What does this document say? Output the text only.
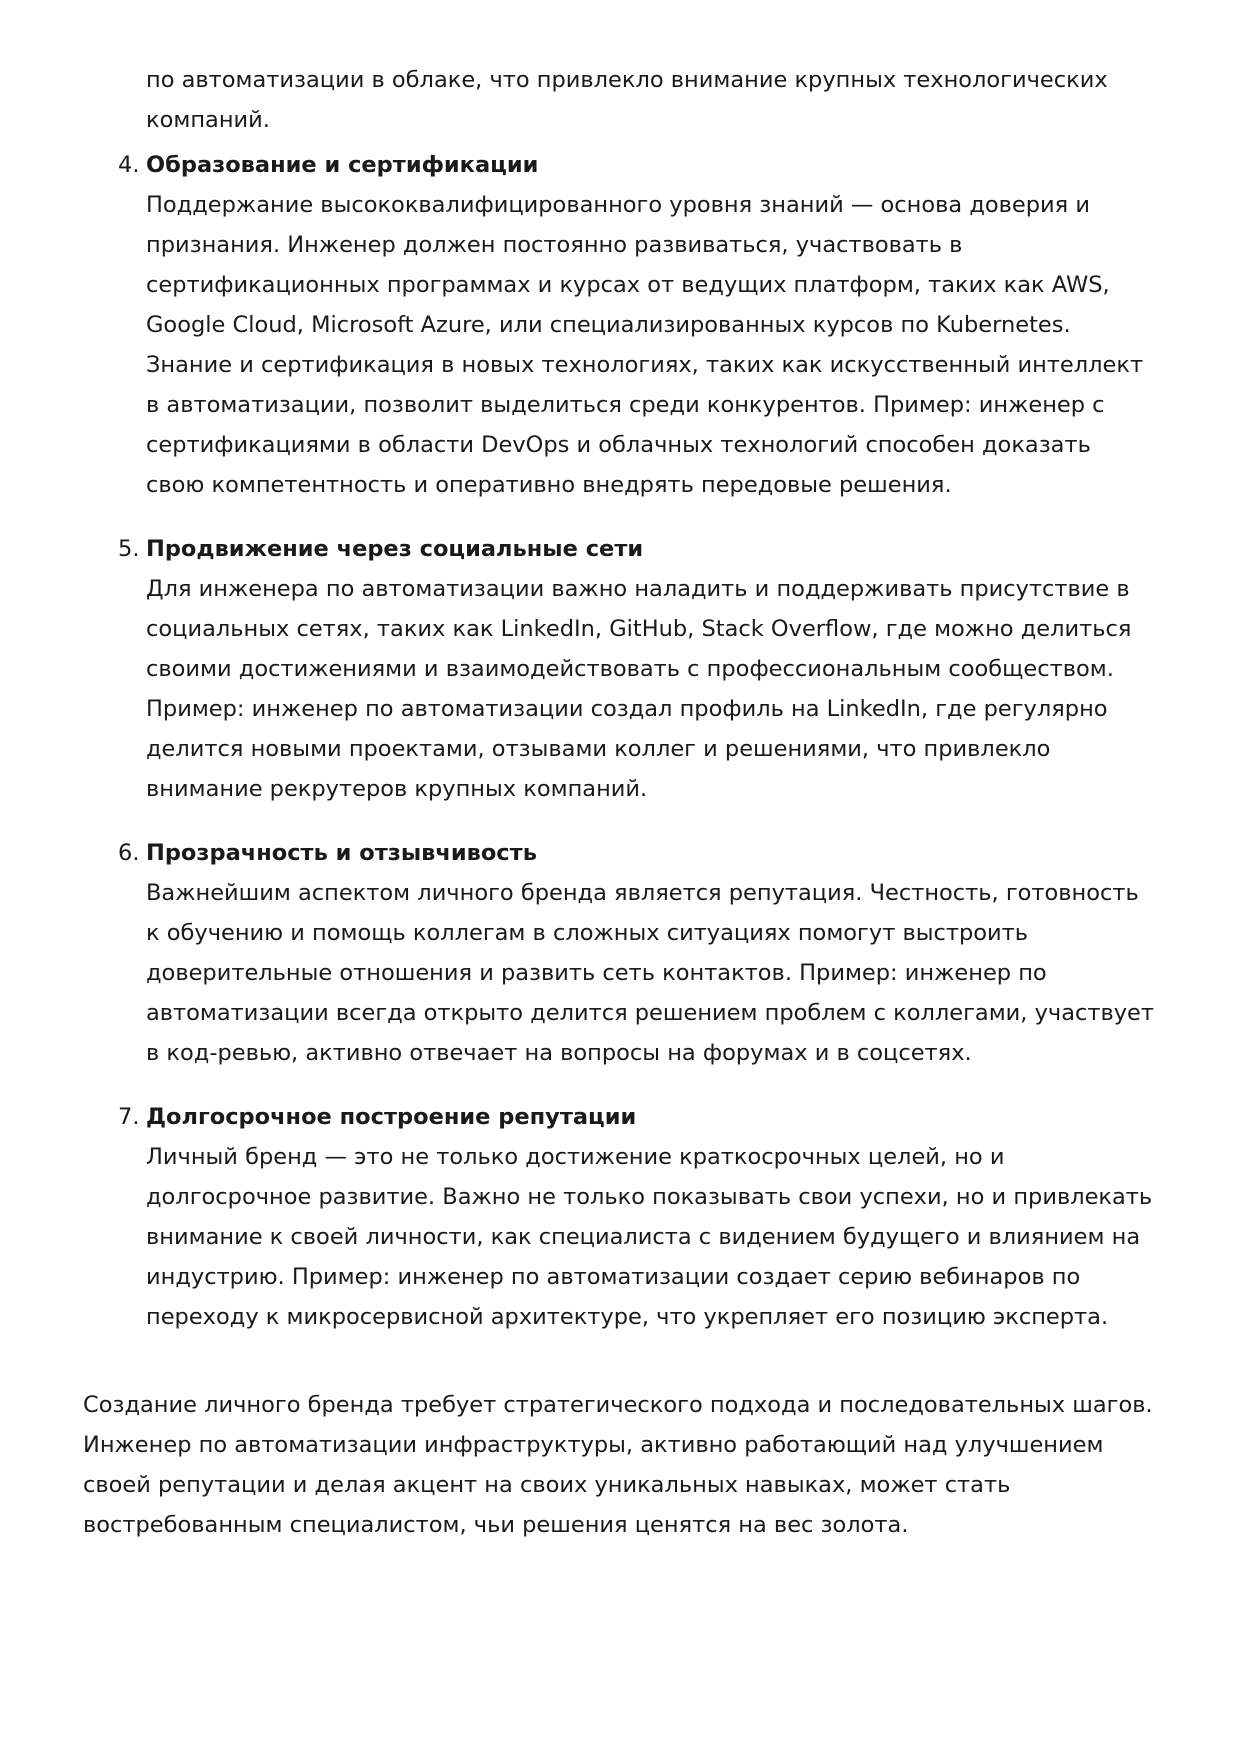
по автоматизации в облаке, что привлекло внимание крупных технологических компаний.

4. Образование и сертификации

Поддержание высококвалифицированного уровня знаний — основа доверия и признания. Инженер должен постоянно развиваться, участвовать в сертификационных программах и курсах от ведущих платформ, таких как AWS, Google Cloud, Microsoft Azure, или специализированных курсов по Kubernetes. Знание и сертификация в новых технологиях, таких как искусственный интеллект в автоматизации, позволит выделиться среди конкурентов. Пример: инженер с сертификациями в области DevOps и облачных технологий способен доказать свою компетентность и оперативно внедрять передовые решения.

5. Продвижение через социальные сети

Для инженера по автоматизации важно наладить и поддерживать присутствие в социальных сетях, таких как LinkedIn, GitHub, Stack Overflow, где можно делиться своими достижениями и взаимодействовать с профессиональным сообществом. Пример: инженер по автоматизации создал профиль на LinkedIn, где регулярно делится новыми проектами, отзывами коллег и решениями, что привлекло внимание рекрутеров крупных компаний.

6. Прозрачность и отзывчивость

Важнейшим аспектом личного бренда является репутация. Честность, готовность к обучению и помощь коллегам в сложных ситуациях помогут выстроить доверительные отношения и развить сеть контактов. Пример: инженер по автоматизации всегда открыто делится решением проблем с коллегами, участвует в код-ревью, активно отвечает на вопросы на форумах и в соцсетях.

7. Долгосрочное построение репутации

Личный бренд — это не только достижение краткосрочных целей, но и долгосрочное развитие. Важно не только показывать свои успехи, но и привлекать внимание к своей личности, как специалиста с видением будущего и влиянием на индустрию. Пример: инженер по автоматизации создает серию вебинаров по переходу к микросервисной архитектуре, что укрепляет его позицию эксперта.

Создание личного бренда требует стратегического подхода и последовательных шагов. Инженер по автоматизации инфраструктуры, активно работающий над улучшением своей репутации и делая акцент на своих уникальных навыках, может стать востребованным специалистом, чьи решения ценятся на вес золота.
